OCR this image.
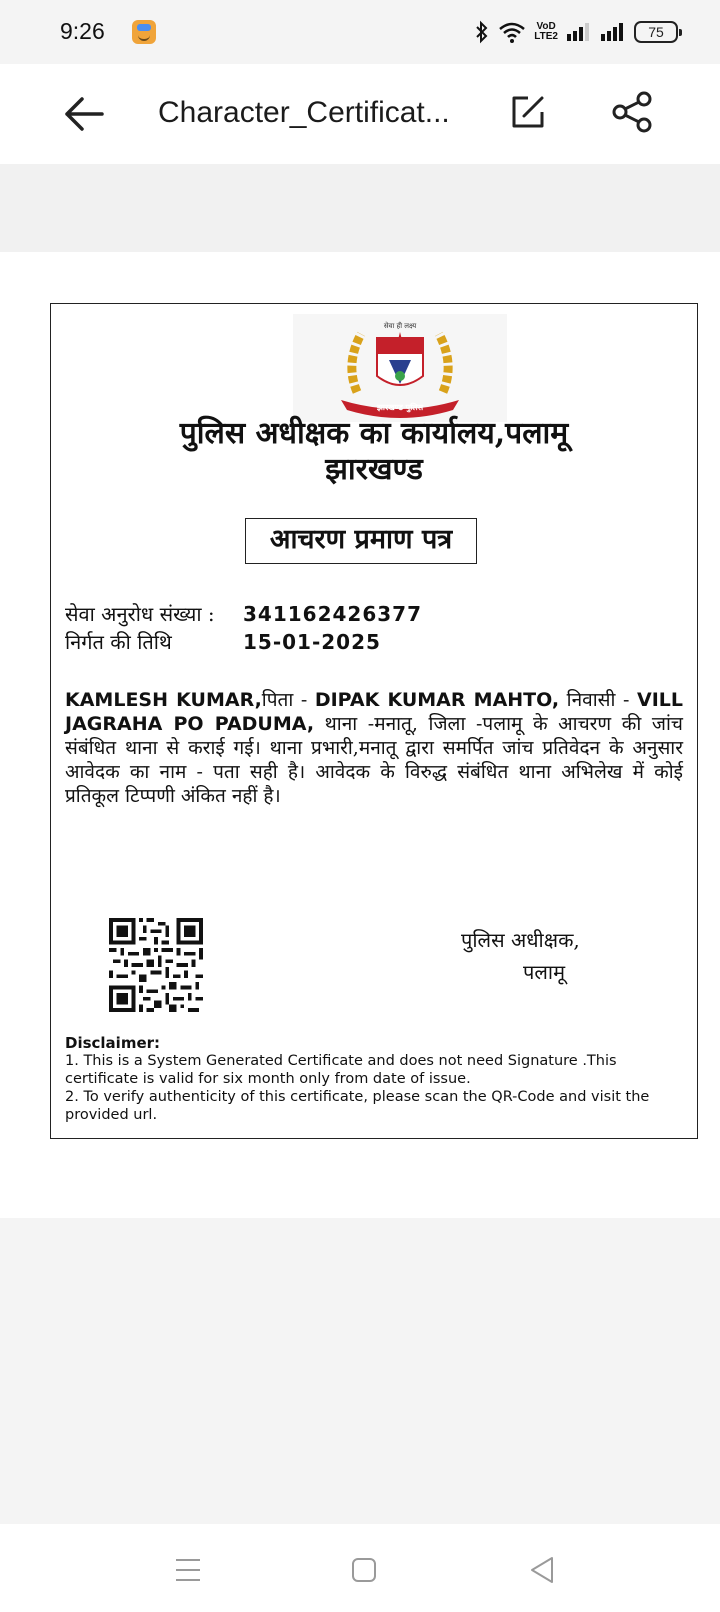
9:26	VoD
LTE2	75
Character_Certificat...
सेवा ही लक्ष्य
झारखण्ड पुलिस
पुलिस अधीक्षक का कार्यालय,पलामू
झारखण्ड
आचरण प्रमाण पत्र
सेवा अनुरोध संख्या : 341162426377
निर्गत की तिथि	15-01-2025
KAMLESH KUMAR,पिता - DIPAK KUMAR MAHTO, निवासी - VILL JAGRAHA PO PADUMA, थाना -मनातू, जिला -पलामू के आचरण की जांच संबंधित थाना से कराई गई। थाना प्रभारी,मनातू द्वारा समर्पित जांच प्रतिवेदन के अनुसार आवेदक का नाम - पता सही है। आवेदक के विरुद्ध संबंधित थाना अभिलेख में कोई प्रतिकूल टिप्पणी अंकित नहीं है।
पुलिस अधीक्षक,
पलामू
Disclaimer:
1. This is a System Generated Certificate and does not need Signature .This certificate is valid for six month only from date of issue.
2. To verify authenticity of this certificate, please scan the QR-Code and visit the provided url.
